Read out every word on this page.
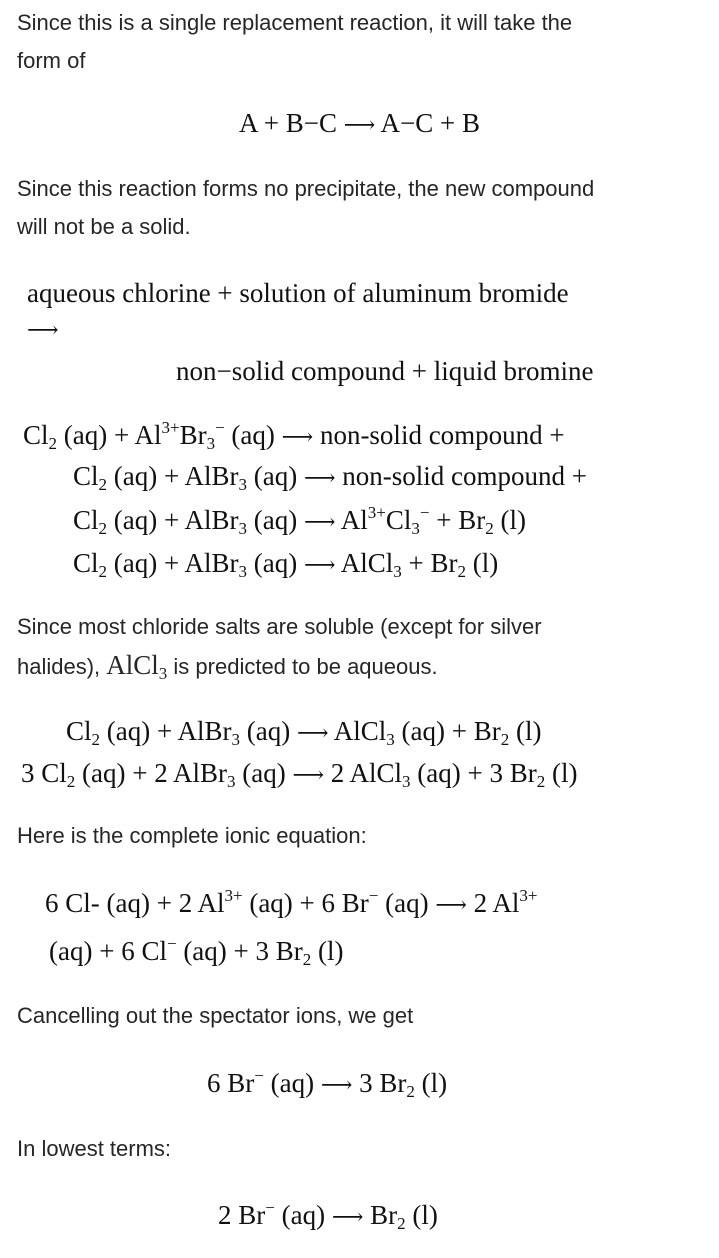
Since this is a single replacement reaction, it will take the
form of
A + B−C ⟶ A−C + B
Since this reaction forms no precipitate, the new compound
will not be a solid.
aqueous chlorine + solution of aluminum bromide
⟶
non−solid compound + liquid bromine
$Cl_2$ $(aq) + Al^{3+}Br_3^-$ (aq) ⟶ non-solid compound +
$Cl_2$ (aq) + AlBr$_3$ (aq) ⟶ non-solid compound +
$Cl_2$ (aq) + AlBr$_3$ (aq) ⟶ $Al^{3+}Cl_3^- + Br_2$ (l)
$Cl_2$ (aq) + AlBr$_3$ (aq) ⟶ AlCl$_3$ + $Br_2$ (l)
Since most chloride salts are soluble (except for silver
halides), AlCl$_3$ is predicted to be aqueous.
$Cl_2$ (aq) + AlBr$_3$ (aq) ⟶ AlCl$_3$ $(aq) + Br_2$ (l)
3 $Cl_2$ (aq) + 2 AlBr$_3$ (aq) ⟶ 2 AlCl$_3$ (aq) + 3 $Br_2$ (l)
Here is the complete ionic equation:
6 Cl- (aq) + 2 $Al^{3+}$ (aq) + 6 Br− (aq) ⟶ 2 $Al^{3+}$
(aq) + 6 Cl− (aq) + 3 $Br_2$ (l)
Cancelling out the spectator ions, we get
6 Br− (aq) ⟶ 3 $Br_2$ (l)
In lowest terms:
2 Br− (aq) ⟶ $Br_2$ (l)
